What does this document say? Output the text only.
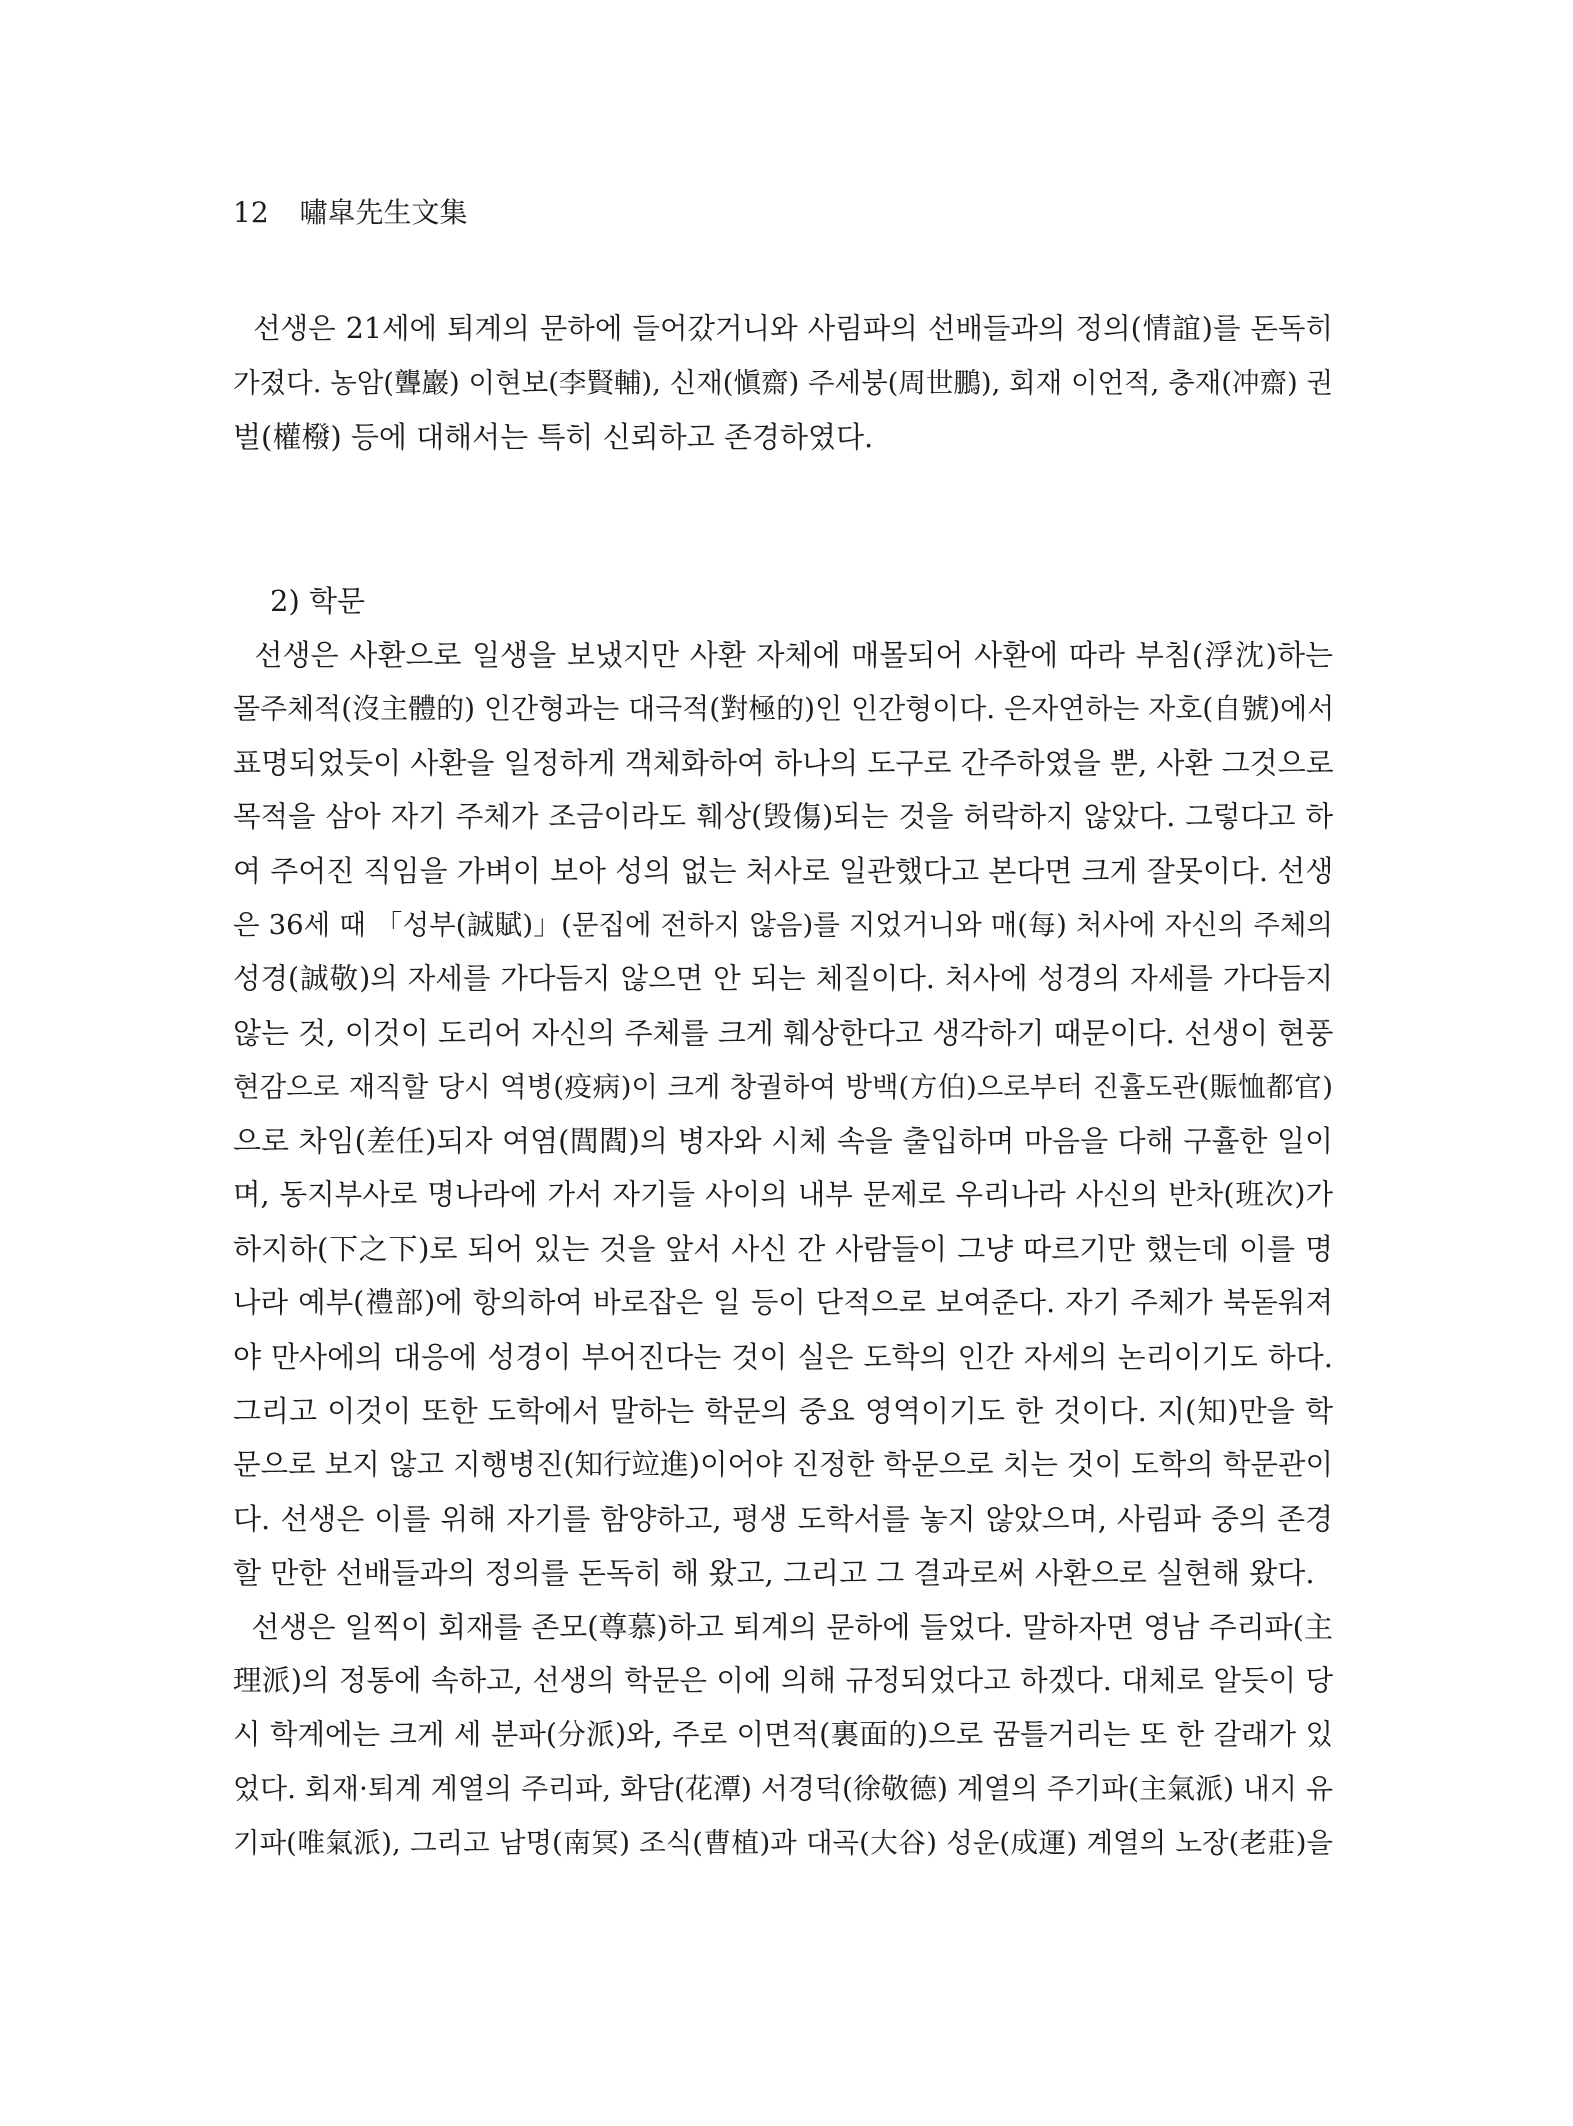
12 嘯皐先生文集
선생은 21세에 퇴계의 문하에 들어갔거니와 사림파의 선배들과의 정의(情誼)를 돈독히
가졌다. 농암(聾巖) 이현보(李賢輔), 신재(愼齋) 주세붕(周世鵬), 회재 이언적, 충재(冲齋) 권
벌(權橃) 등에 대해서는 특히 신뢰하고 존경하였다.
2) 학문
선생은 사환으로 일생을 보냈지만 사환 자체에 매몰되어 사환에 따라 부침(浮沈)하는
몰주체적(沒主體的) 인간형과는 대극적(對極的)인 인간형이다. 은자연하는 자호(自號)에서
표명되었듯이 사환을 일정하게 객체화하여 하나의 도구로 간주하였을 뿐, 사환 그것으로
목적을 삼아 자기 주체가 조금이라도 훼상(毁傷)되는 것을 허락하지 않았다. 그렇다고 하
여 주어진 직임을 가벼이 보아 성의 없는 처사로 일관했다고 본다면 크게 잘못이다. 선생
은 36세 때 「성부(誠賦)」(문집에 전하지 않음)를 지었거니와 매(每) 처사에 자신의 주체의
성경(誠敬)의 자세를 가다듬지 않으면 안 되는 체질이다. 처사에 성경의 자세를 가다듬지
않는 것, 이것이 도리어 자신의 주체를 크게 훼상한다고 생각하기 때문이다. 선생이 현풍
현감으로 재직할 당시 역병(疫病)이 크게 창궐하여 방백(方伯)으로부터 진휼도관(賑恤都官)
으로 차임(差任)되자 여염(閭閻)의 병자와 시체 속을 출입하며 마음을 다해 구휼한 일이
며, 동지부사로 명나라에 가서 자기들 사이의 내부 문제로 우리나라 사신의 반차(班次)가
하지하(下之下)로 되어 있는 것을 앞서 사신 간 사람들이 그냥 따르기만 했는데 이를 명
나라 예부(禮部)에 항의하여 바로잡은 일 등이 단적으로 보여준다. 자기 주체가 북돋워져
야 만사에의 대응에 성경이 부어진다는 것이 실은 도학의 인간 자세의 논리이기도 하다.
그리고 이것이 또한 도학에서 말하는 학문의 중요 영역이기도 한 것이다. 지(知)만을 학
문으로 보지 않고 지행병진(知行竝進)이어야 진정한 학문으로 치는 것이 도학의 학문관이
다. 선생은 이를 위해 자기를 함양하고, 평생 도학서를 놓지 않았으며, 사림파 중의 존경
할 만한 선배들과의 정의를 돈독히 해 왔고, 그리고 그 결과로써 사환으로 실현해 왔다.
선생은 일찍이 회재를 존모(尊慕)하고 퇴계의 문하에 들었다. 말하자면 영남 주리파(主
理派)의 정통에 속하고, 선생의 학문은 이에 의해 규정되었다고 하겠다. 대체로 알듯이 당
시 학계에는 크게 세 분파(分派)와, 주로 이면적(裏面的)으로 꿈틀거리는 또 한 갈래가 있
었다. 회재·퇴계 계열의 주리파, 화담(花潭) 서경덕(徐敬德) 계열의 주기파(主氣派) 내지 유
기파(唯氣派), 그리고 남명(南冥) 조식(曹植)과 대곡(大谷) 성운(成運) 계열의 노장(老莊)을
